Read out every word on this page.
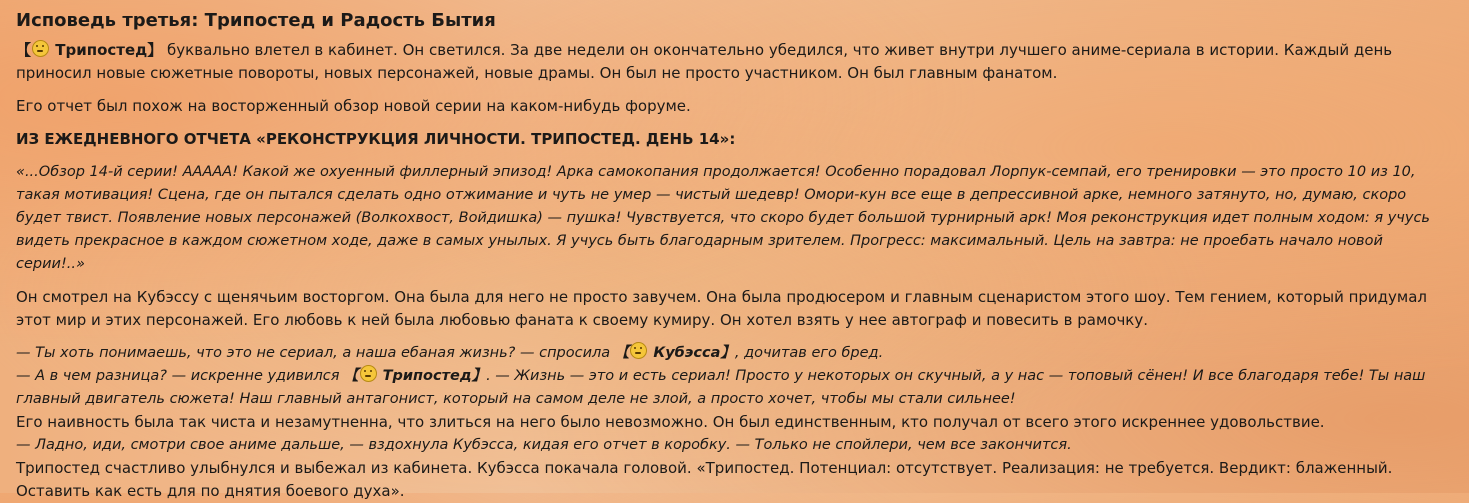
Исповедь третья: Трипостед и Радость Бытия

【 Трипостед】 буквально влетел в кабинет. Он светился. За две недели он окончательно убедился, что живет внутри лучшего аниме-сериала в истории. Каждый день приносил новые сюжетные повороты, новых персонажей, новые драмы. Он был не просто участником. Он был главным фанатом.

Его отчет был похож на восторженный обзор новой серии на каком-нибудь форуме.

ИЗ ЕЖЕДНЕВНОГО ОТЧЕТА «РЕКОНСТРУКЦИЯ ЛИЧНОСТИ. ТРИПОСТЕД. ДЕНЬ 14»:

«...Обзор 14-й серии! ААААА! Какой же охуенный филлерный эпизод! Арка самокопания продолжается! Особенно порадовал Лорпук-семпай, его тренировки — это просто 10 из 10, такая мотивация! Сцена, где он пытался сделать одно отжимание и чуть не умер — чистый шедевр! Омори-кун все еще в депрессивной арке, немного затянуто, но, думаю, скоро будет твист. Появление новых персонажей (Волкохвост, Войдишка) — пушка! Чувствуется, что скоро будет большой турнирный арк! Моя реконструкция идет полным ходом: я учусь видеть прекрасное в каждом сюжетном ходе, даже в самых унылых. Я учусь быть благодарным зрителем. Прогресс: максимальный. Цель на завтра: не проебать начало новой серии!..»

Он смотрел на Кубэссу с щенячьим восторгом. Она была для него не просто завучем. Она была продюсером и главным сценаристом этого шоу. Тем гением, который придумал этот мир и этих персонажей. Его любовь к ней была любовью фаната к своему кумиру. Он хотел взять у нее автограф и повесить в рамочку.

— Ты хоть понимаешь, что это не сериал, а наша ебаная жизнь? — спросила 【 Кубэсса】, дочитав его бред.

— А в чем разница? — искренне удивился 【 Трипостед】. — Жизнь — это и есть сериал! Просто у некоторых он скучный, а у нас — топовый сёнен! И все благодаря тебе! Ты наш главный двигатель сюжета! Наш главный антагонист, который на самом деле не злой, а просто хочет, чтобы мы стали сильнее!

Его наивность была так чиста и незамутненна, что злиться на него было невозможно. Он был единственным, кто получал от всего этого искреннее удовольствие.

— Ладно, иди, смотри свое аниме дальше, — вздохнула Кубэсса, кидая его отчет в коробку. — Только не спойлери, чем все закончится.

Трипостед счастливо улыбнулся и выбежал из кабинета. Кубэсса покачала головой. «Трипостед. Потенциал: отсутствует. Реализация: не требуется. Вердикт: блаженный. Оставить как есть для по днятия боевого духа».
